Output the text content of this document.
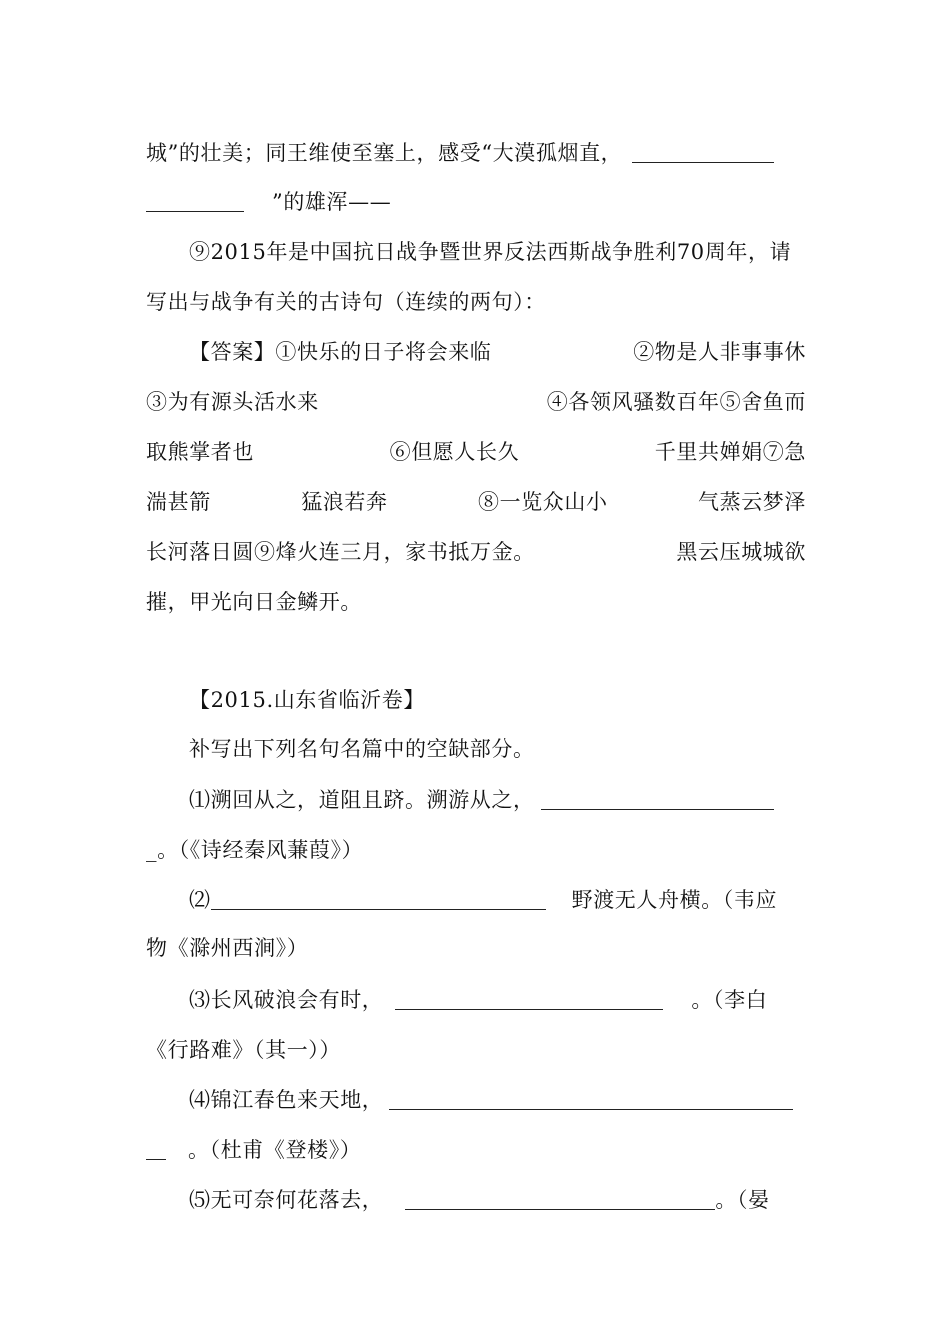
城”的壮美；同王维使至塞上，感受“大漠孤烟直，
”的雄浑——
⑨2015年是中国抗日战争暨世界反法西斯战争胜利70周年，请
写出与战争有关的古诗句（连续的两句）：
【答案】①快乐的日子将会来临	②物是人非事事休
③为有源头活水来	④各领风骚数百年⑤舍鱼而
取熊掌者也	⑥但愿人长久	千里共婵娟⑦急
湍甚箭	猛浪若奔	⑧一览众山小	气蒸云梦泽
长河落日圆⑨烽火连三月，家书抵万金。	黑云压城城欲
摧，甲光向日金鳞开。
【2015.山东省临沂卷】
补写出下列名句名篇中的空缺部分。
⑴溯回从之，道阻且跻。溯游从之，
_。（《诗经秦风蒹葭》）
⑵	野渡无人舟横。（韦应
物《滁州西涧》）
⑶长风破浪会有时，	。（李白
《行路难》（其一））
⑷锦江春色来天地，
。（杜甫《登楼》）
⑸无可奈何花落去，	。（晏
